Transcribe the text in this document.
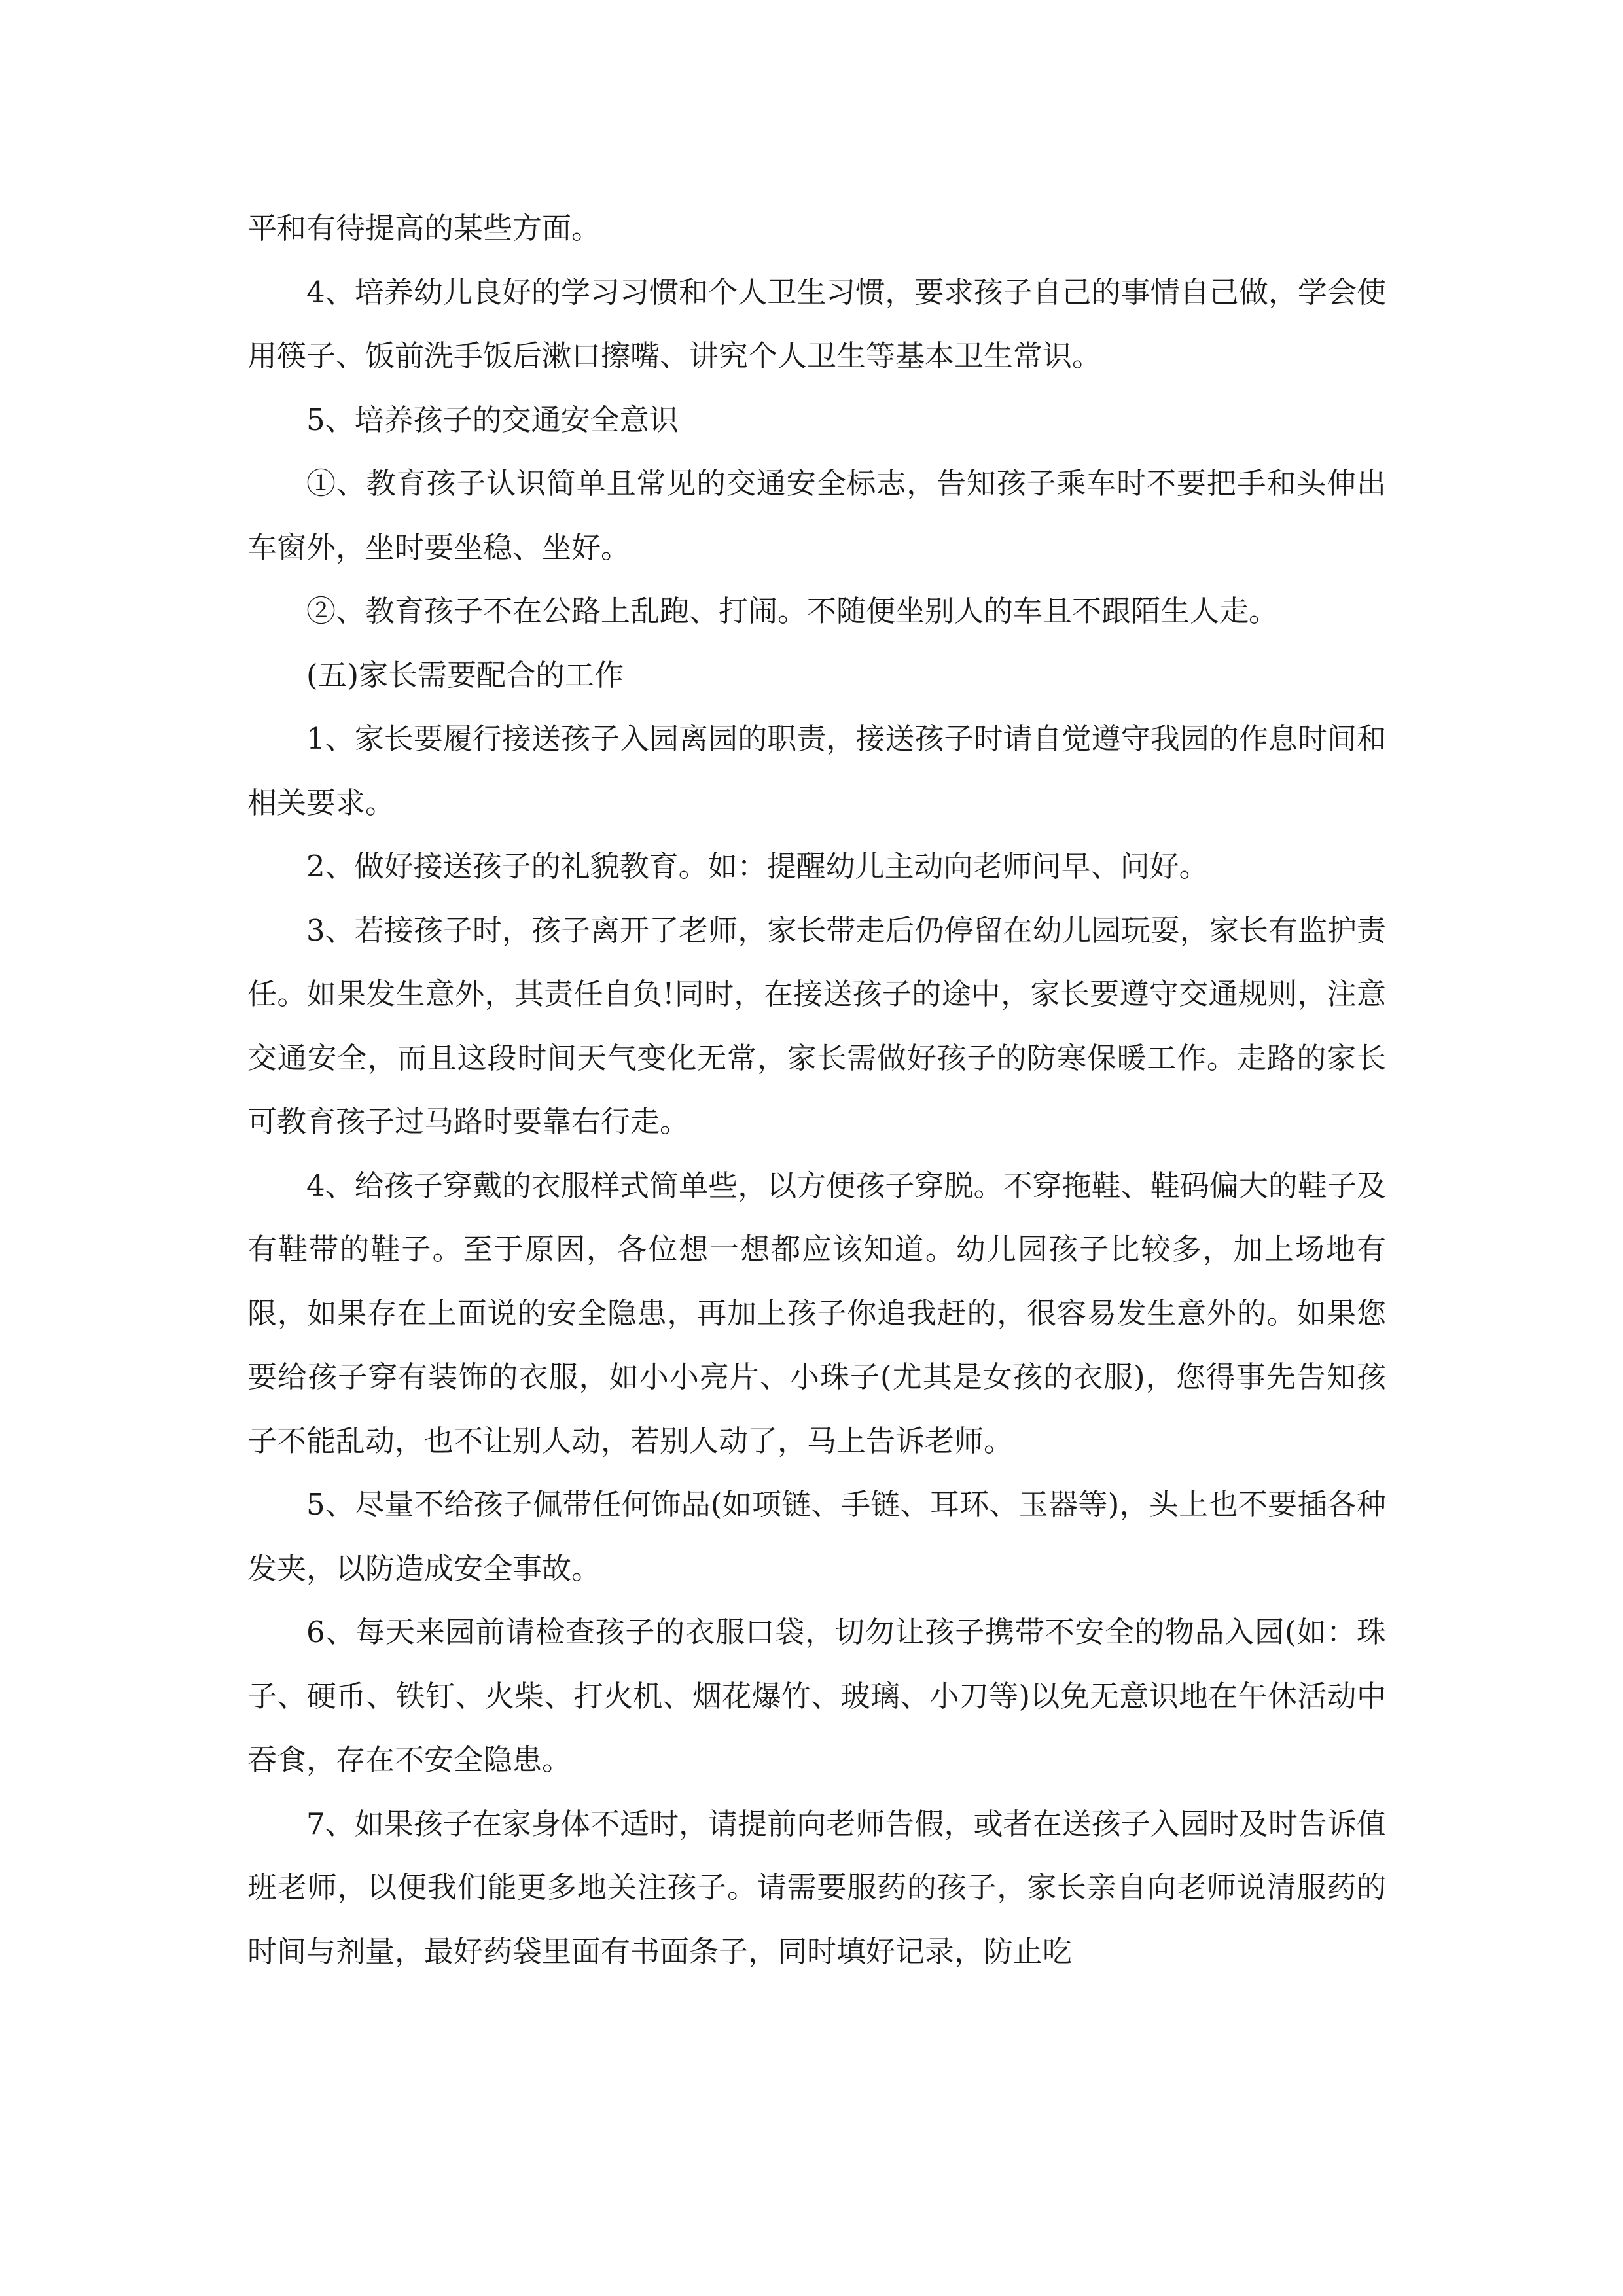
平和有待提高的某些方面。

4、培养幼儿良好的学习习惯和个人卫生习惯，要求孩子自己的事情自己做，学会使用筷子、饭前洗手饭后漱口擦嘴、讲究个人卫生等基本卫生常识。

5、培养孩子的交通安全意识

①、教育孩子认识简单且常见的交通安全标志，告知孩子乘车时不要把手和头伸出车窗外，坐时要坐稳、坐好。

②、教育孩子不在公路上乱跑、打闹。不随便坐别人的车且不跟陌生人走。

(五)家长需要配合的工作

1、家长要履行接送孩子入园离园的职责，接送孩子时请自觉遵守我园的作息时间和相关要求。

2、做好接送孩子的礼貌教育。如：提醒幼儿主动向老师问早、问好。

3、若接孩子时，孩子离开了老师，家长带走后仍停留在幼儿园玩耍，家长有监护责任。如果发生意外，其责任自负!同时，在接送孩子的途中，家长要遵守交通规则，注意交通安全，而且这段时间天气变化无常，家长需做好孩子的防寒保暖工作。走路的家长可教育孩子过马路时要靠右行走。

4、给孩子穿戴的衣服样式简单些，以方便孩子穿脱。不穿拖鞋、鞋码偏大的鞋子及有鞋带的鞋子。至于原因，各位想一想都应该知道。幼儿园孩子比较多，加上场地有限，如果存在上面说的安全隐患，再加上孩子你追我赶的，很容易发生意外的。如果您要给孩子穿有装饰的衣服，如小小亮片、小珠子(尤其是女孩的衣服)，您得事先告知孩子不能乱动，也不让别人动，若别人动了，马上告诉老师。

5、尽量不给孩子佩带任何饰品(如项链、手链、耳环、玉器等)，头上也不要插各种发夹，以防造成安全事故。

6、每天来园前请检查孩子的衣服口袋，切勿让孩子携带不安全的物品入园(如：珠子、硬币、铁钉、火柴、打火机、烟花爆竹、玻璃、小刀等)以免无意识地在午休活动中吞食，存在不安全隐患。

7、如果孩子在家身体不适时，请提前向老师告假，或者在送孩子入园时及时告诉值班老师，以便我们能更多地关注孩子。请需要服药的孩子，家长亲自向老师说清服药的时间与剂量，最好药袋里面有书面条子，同时填好记录，防止吃
